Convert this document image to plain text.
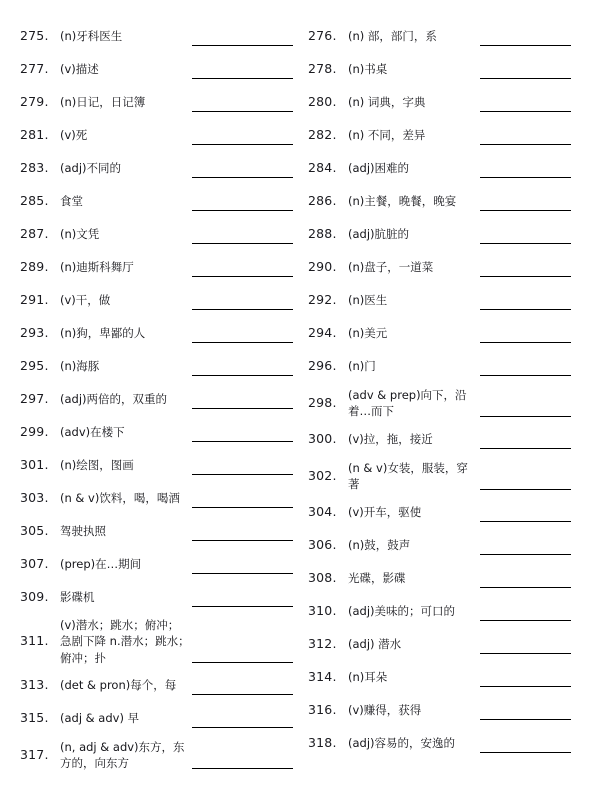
275. (n)牙科医生
277. (v)描述
279. (n)日记，日记簿
281. (v)死
283. (adj)不同的
285. 食堂
287. (n)文凭
289. (n)迪斯科舞厅
291. (v)干，做
293. (n)狗，卑鄙的人
295. (n)海豚
297. (adj)两倍的，双重的
299. (adv)在楼下
301. (n)绘图，图画
303. (n & v)饮料，喝，喝酒
305. 驾驶执照
307. (prep)在…期间
309. 影碟机
311.
(v)潜水；跳水；俯冲；急剧下降 n.潜水；跳水；俯冲；扑
313. (det & pron)每个，每
315. (adj & adv) 早
317. (n, adj & adv)东方，东方的，向东方
276. (n) 部，部门，系
278. (n)书桌
280. (n) 词典，字典
282. (n) 不同，差异
284. (adj)困难的
286. (n)主餐，晚餐，晚宴
288. (adj)肮脏的
290. (n)盘子，一道菜
292. (n)医生
294. (n)美元
296. (n)门
298. (adv & prep)向下，沿着…而下
300. (v)拉，拖，接近
302. (n & v)女装，服装，穿著
304. (v)开车，驱使
306. (n)鼓，鼓声
308. 光碟，影碟
310. (adj)美味的；可口的
312. (adj) 潜水
314. (n)耳朵
316. (v)赚得，获得
318. (adj)容易的，安逸的
